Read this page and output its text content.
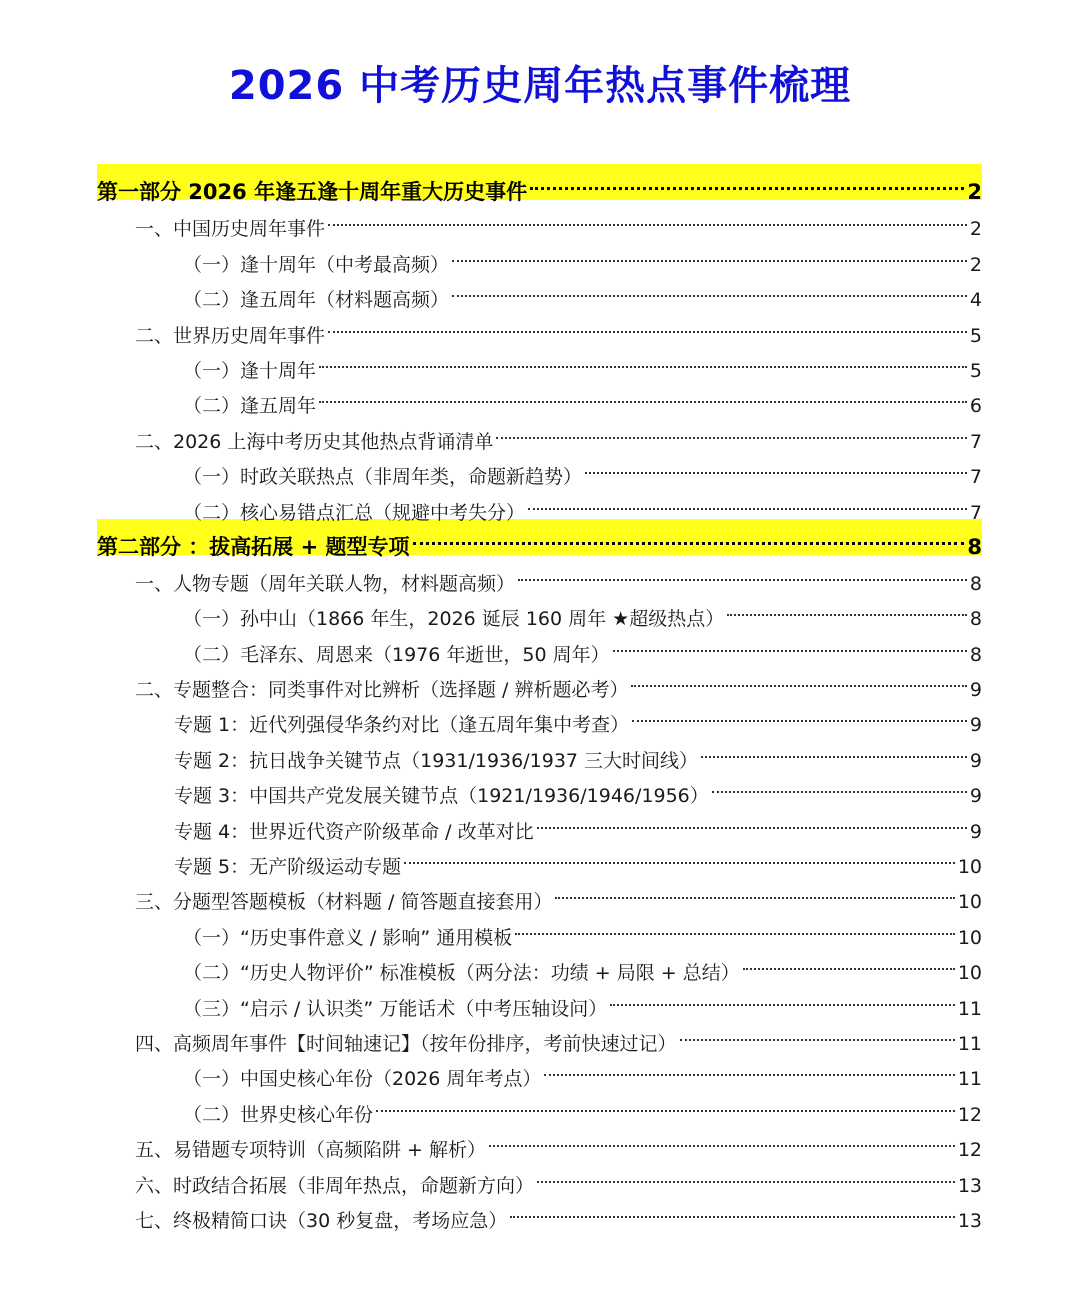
2026 中考历史周年热点事件梳理
第一部分 2026 年逢五逢十周年重大历史事件	2
一、中国历史周年事件	2
（一）逢十周年（中考最高频）	2
（二）逢五周年（材料题高频）	4
二、世界历史周年事件	5
（一）逢十周年	5
（二）逢五周年	6
二、2026 上海中考历史其他热点背诵清单	7
（一）时政关联热点（非周年类，命题新趋势）	7
（二）核心易错点汇总（规避中考失分）	7
第二部分 ：拔高拓展 + 题型专项	8
一、人物专题（周年关联人物，材料题高频）	8
（一）孙中山（1866 年生，2026 诞辰 160 周年 ★超级热点）	8
（二）毛泽东、周恩来（1976 年逝世，50 周年）	8
二、专题整合：同类事件对比辨析（选择题 / 辨析题必考）	9
专题 1：近代列强侵华条约对比（逢五周年集中考查）	9
专题 2：抗日战争关键节点（1931/1936/1937 三大时间线）	9
专题 3：中国共产党发展关键节点（1921/1936/1946/1956）	9
专题 4：世界近代资产阶级革命 / 改革对比	9
专题 5：无产阶级运动专题	10
三、分题型答题模板（材料题 / 简答题直接套用）	10
（一）“历史事件意义 / 影响” 通用模板	10
（二）“历史人物评价” 标准模板（两分法：功绩 + 局限 + 总结）	10
（三）“启示 / 认识类” 万能话术（中考压轴设问）	11
四、高频周年事件【时间轴速记】（按年份排序，考前快速过记）	11
（一）中国史核心年份（2026 周年考点）	11
（二）世界史核心年份	12
五、易错题专项特训（高频陷阱 + 解析）	12
六、时政结合拓展（非周年热点，命题新方向）	13
七、终极精简口诀（30 秒复盘，考场应急）	13
